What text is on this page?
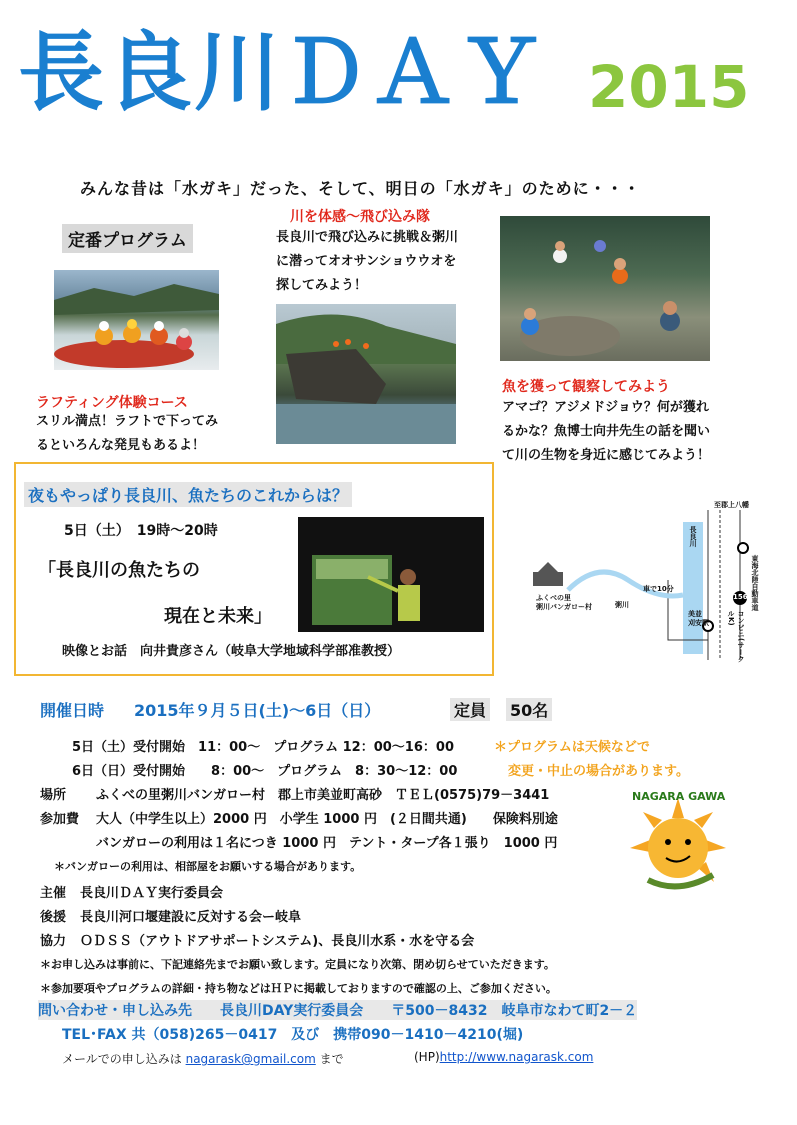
長良川ＤＡＹ 2015
みんな昔は「水ガキ」だった、そして、明日の「水ガキ」のために・・・
定番プログラム
ラフティング体験コース
スリル満点！ラフトで下ってみ
るといろんな発見もあるよ！
川を体感～飛び込み隊
長良川で飛び込みに挑戦＆粥川
に潜ってオオサンショウウオを
探してみよう！
魚を獲って観察してみよう
アマゴ？アジメドジョウ？何が獲れ
るかな？魚博士向井先生の話を聞い
て川の生物を身近に感じてみよう！
夜もやっぱり長良川、魚たちのこれからは？
5日（土）　19時～20時
「長良川の魚たちの
現在と未来」
映像とお話　向井貴彦さん（岐阜大学地域科学部准教授）
長良川
粥川
ふくべの里
粥川バンガロー村
車で10分
156
美並
刈安駅
至郡上八幡
東海北陸自動車道
コンビニ(サークルK)
開催日時 2015年９月５日(土)～6日（日）	定員 50名
5日（土）受付開始　11：00～　プログラム 12：00～16：00	＊プログラムは天候などで
6日（日）受付開始　　8：00～　プログラム　8：30～12：00	変更・中止の場合があります。
場所 ふくべの里粥川バンガロー村　郡上市美並町高砂　ＴＥＬ(0575)79－3441
参加費 大人（中学生以上）2000 円　小学生 1000 円　(２日間共通)　　保険料別途
バンガローの利用は１名につき 1000 円　テント・タープ各１張り　1000 円
＊バンガローの利用は、相部屋をお願いする場合があります。
NAGARA GAWA
主催 長良川ＤＡＹ実行委員会
後援 長良川河口堰建設に反対する会ー岐阜
協力 ＯＤＳＳ（アウトドアサポートシステム)、長良川水系・水を守る会
＊お申し込みは事前に、下記連絡先までお願い致します。定員になり次第、閉め切らせていただきます。
＊参加要項やプログラムの詳細・持ち物などはＨＰに掲載しておりますので確認の上、ご参加ください。
問い合わせ・申し込み先　　長良川DAY実行委員会　　〒500－8432　岐阜市なわて町2－２
TEL･FAX 共（058)265－0417　及び　携帯090－1410－4210(堀)
メールでの申し込みは nagarask@gmail.com まで	(HP)http://www.nagarask.com
